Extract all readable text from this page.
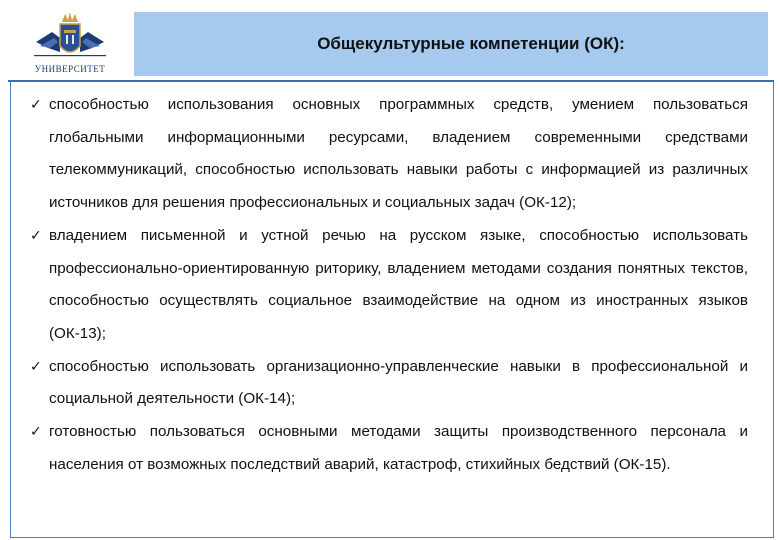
УНИВЕРСИТЕТ
Общекультурные компетенции (ОК):
✓ способностью использования основных программных средств, умением пользоваться глобальными информационными ресурсами, владением современными средствами телекоммуникаций, способностью использовать навыки работы с информацией из различных источников для решения профессиональных и социальных задач (ОК-12);
✓ владением письменной и устной речью на русском языке, способностью использовать профессионально-ориентированную риторику, владением методами создания понятных текстов, способностью осуществлять социальное взаимодействие на одном из иностранных языков (ОК-13);
✓ способностью использовать организационно-управленческие навыки в профессиональной и социальной деятельности (ОК-14);
✓ готовностью пользоваться основными методами защиты производственного персонала и населения от возможных последствий аварий, катастроф, стихийных бедствий (ОК-15).
